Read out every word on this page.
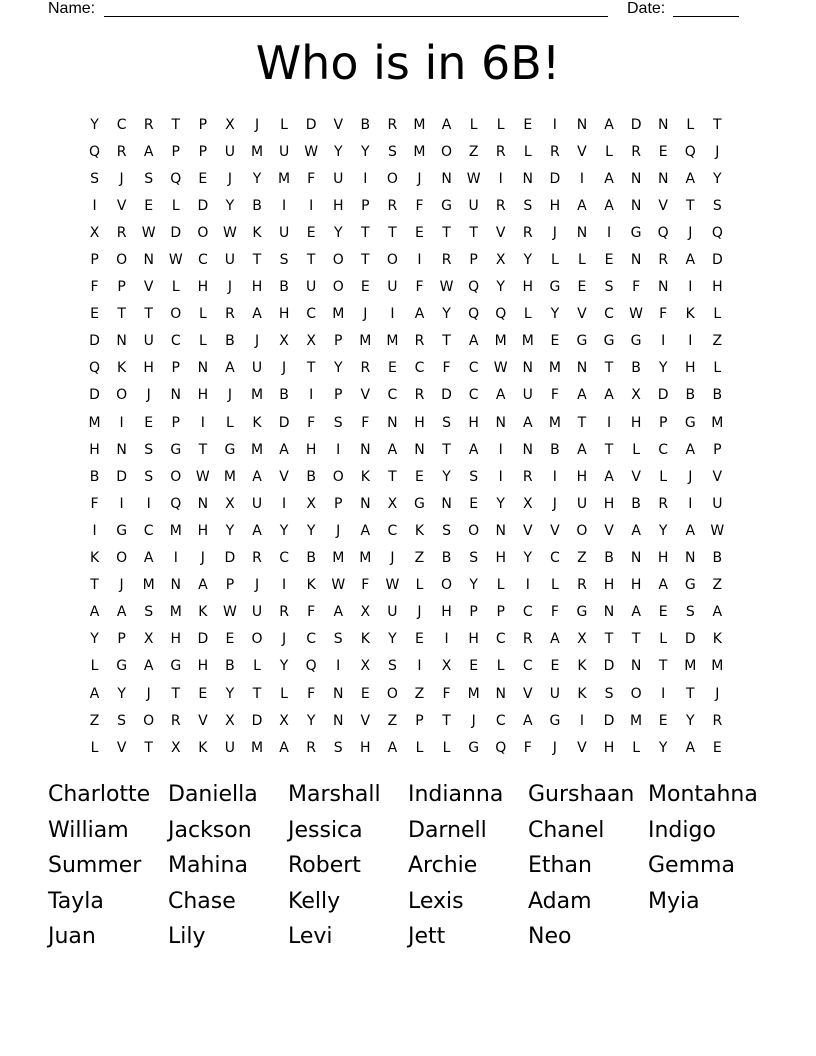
Name:	Date:
Who is in 6B!
Y	C	R	T	P	X	J	L	D	V	B	R	M	A	L	L	E	I	N	A	D	N	L	T
Q	R	A	P	P	U	M	U	W	Y	Y	S	M	O	Z	R	L	R	V	L	R	E	Q	J
S	J	S	Q	E	J	Y	M	F	U	I	O	J	N	W	I	N	D	I	A	N	N	A	Y
I	V	E	L	D	Y	B	I	I	H	P	R	F	G	U	R	S	H	A	A	N	V	T	S
X	R	W	D	O	W	K	U	E	Y	T	T	E	T	T	V	R	J	N	I	G	Q	J	Q
P	O	N	W	C	U	T	S	T	O	T	O	I	R	P	X	Y	L	L	E	N	R	A	D
F	P	V	L	H	J	H	B	U	O	E	U	F	W	Q	Y	H	G	E	S	F	N	I	H
E	T	T	O	L	R	A	H	C	M	J	I	A	Y	Q	Q	L	Y	V	C	W	F	K	L
D	N	U	C	L	B	J	X	X	P	M	M	R	T	A	M	M	E	G	G	G	I	I	Z
Q	K	H	P	N	A	U	J	T	Y	R	E	C	F	C	W	N	M	N	T	B	Y	H	L
D	O	J	N	H	J	M	B	I	P	V	C	R	D	C	A	U	F	A	A	X	D	B	B
M	I	E	P	I	L	K	D	F	S	F	N	H	S	H	N	A	M	T	I	H	P	G	M
H	N	S	G	T	G	M	A	H	I	N	A	N	T	A	I	N	B	A	T	L	C	A	P
B	D	S	O	W	M	A	V	B	O	K	T	E	Y	S	I	R	I	H	A	V	L	J	V
F	I	I	Q	N	X	U	I	X	P	N	X	G	N	E	Y	X	J	U	H	B	R	I	U
I	G	C	M	H	Y	A	Y	Y	J	A	C	K	S	O	N	V	V	O	V	A	Y	A	W
K	O	A	I	J	D	R	C	B	M	M	J	Z	B	S	H	Y	C	Z	B	N	H	N	B
T	J	M	N	A	P	J	I	K	W	F	W	L	O	Y	L	I	L	R	H	H	A	G	Z
A	A	S	M	K	W	U	R	F	A	X	U	J	H	P	P	C	F	G	N	A	E	S	A
Y	P	X	H	D	E	O	J	C	S	K	Y	E	I	H	C	R	A	X	T	T	L	D	K
L	G	A	G	H	B	L	Y	Q	I	X	S	I	X	E	L	C	E	K	D	N	T	M	M
A	Y	J	T	E	Y	T	L	F	N	E	O	Z	F	M	N	V	U	K	S	O	I	T	J
Z	S	O	R	V	X	D	X	Y	N	V	Z	P	T	J	C	A	G	I	D	M	E	Y	R
L	V	T	X	K	U	M	A	R	S	H	A	L	L	G	Q	F	J	V	H	L	Y	A	E
Charlotte Daniella	Marshall	Indianna	Gurshaan Montahna
William	Jackson	Jessica	Darnell	Chanel	Indigo
Summer	Mahina	Robert	Archie	Ethan	Gemma
Tayla	Chase	Kelly	Lexis	Adam	Myia
Juan	Lily	Levi	Jett	Neo
